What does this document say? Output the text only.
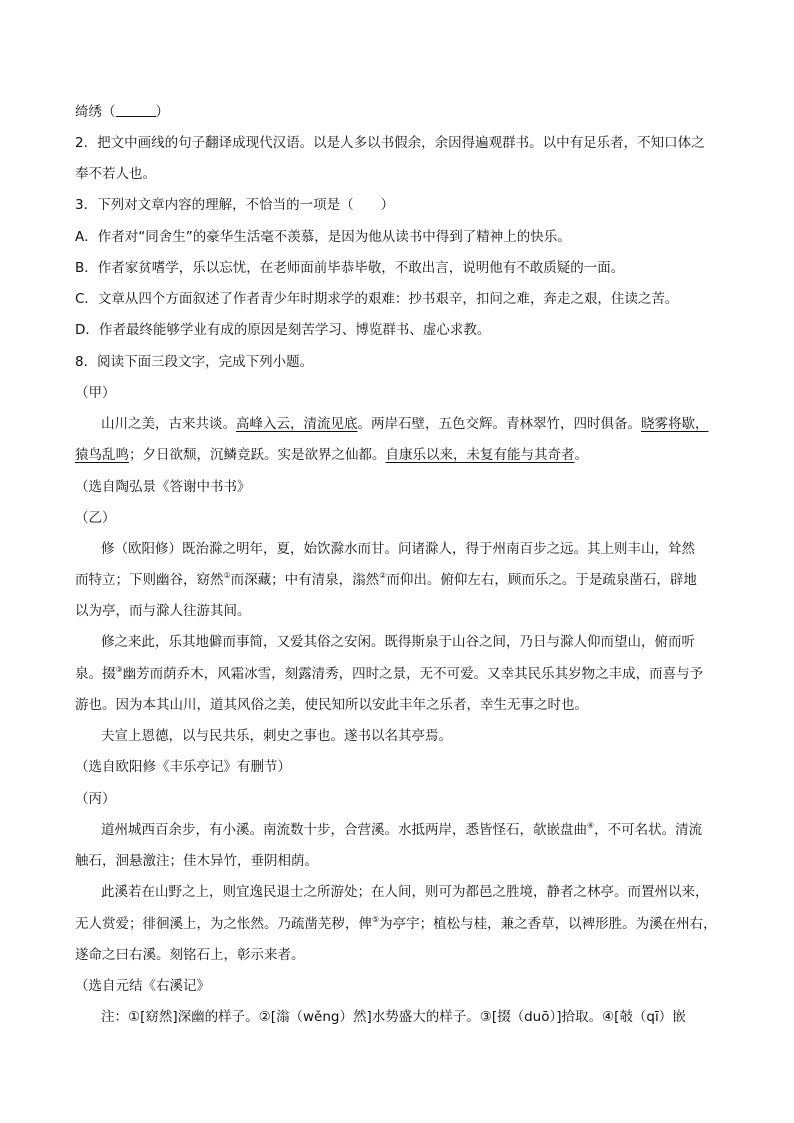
绮绣（	）
2．把文中画线的句子翻译成现代汉语。以是人多以书假余，余因得遍观群书。以中有足乐者，不知口体之
奉不若人也。
3．下列对文章内容的理解，不恰当的一项是（　　）
A．作者对“同舍生”的豪华生活毫不羡慕，是因为他从读书中得到了精神上的快乐。
B．作者家贫嗜学，乐以忘忧，在老师面前毕恭毕敬，不敢出言，说明他有不敢质疑的一面。
C．文章从四个方面叙述了作者青少年时期求学的艰难：抄书艰辛，扣问之难，奔走之艰，住读之苦。
D．作者最终能够学业有成的原因是刻苦学习、博览群书、虚心求教。
8．阅读下面三段文字，完成下列小题。
（甲）
山川之美，古来共谈。高峰入云，清流见底。两岸石壁，五色交辉。青林翠竹，四时俱备。晓雾将歇，
猿鸟乱鸣；夕日欲颓，沉鳞竞跃。实是欲界之仙都。自康乐以来，未复有能与其奇者。
（选自陶弘景《答谢中书书》
（乙）
修（欧阳修）既治滁之明年，夏，始饮滁水而甘。问诸滁人，得于州南百步之远。其上则丰山，耸然
而特立；下则幽谷，窈然①而深藏；中有清泉，滃然②而仰出。俯仰左右，顾而乐之。于是疏泉凿石，辟地
以为亭，而与滁人往游其间。
修之来此，乐其地僻而事简，又爱其俗之安闲。既得斯泉于山谷之间，乃日与滁人仰而望山，俯而听
泉。掇③幽芳而荫乔木，风霜冰雪，刻露清秀，四时之景，无不可爱。又幸其民乐其岁物之丰成，而喜与予
游也。因为本其山川，道其风俗之美，使民知所以安此丰年之乐者，幸生无事之时也。
夫宣上恩德，以与民共乐，刺史之事也。遂书以名其亭焉。
（选自欧阳修《丰乐亭记》有删节）
（丙）
道州城西百余步，有小溪。南流数十步，合营溪。水抵两岸，悉皆怪石，欹嵌盘曲④，不可名状。清流
触石，洄悬激注；佳木异竹，垂阴相荫。
此溪若在山野之上，则宜逸民退士之所游处；在人间，则可为都邑之胜境，静者之林亭。而置州以来，
无人赏爱；徘徊溪上，为之怅然。乃疏凿芜秽，俾⑤为亭宇；植松与桂，兼之香草，以裨形胜。为溪在州右，
遂命之曰右溪。刻铭石上，彰示来者。
（选自元结《右溪记》
注：①[窈然]深幽的样子。②[滃（wěng）然]水势盛大的样子。③[掇（duō）]拾取。④[攲（qī）嵌
